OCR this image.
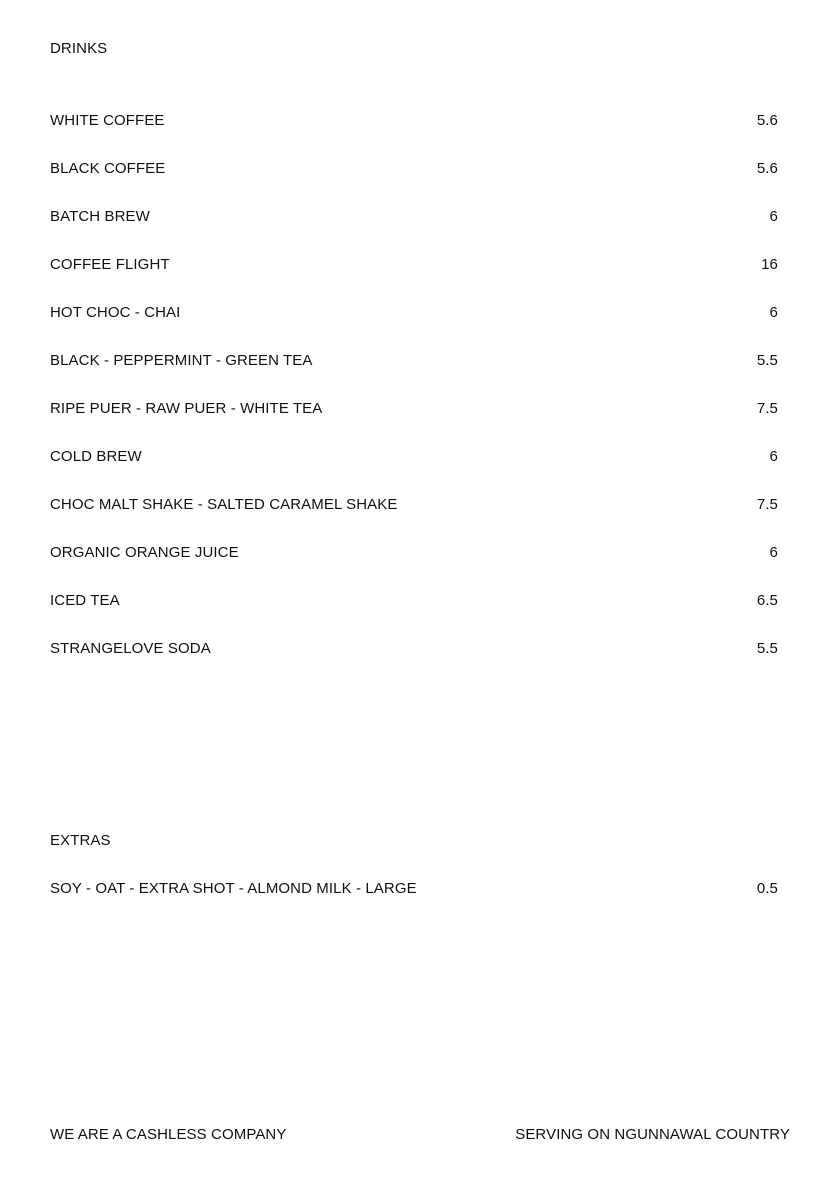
DRINKS
WHITE COFFEE	5.6
BLACK COFFEE	5.6
BATCH BREW	6
COFFEE FLIGHT	16
HOT CHOC - CHAI	6
BLACK - PEPPERMINT - GREEN TEA	5.5
RIPE PUER - RAW PUER - WHITE TEA	7.5
COLD BREW	6
CHOC MALT SHAKE - SALTED CARAMEL SHAKE	7.5
ORGANIC ORANGE JUICE	6
ICED TEA	6.5
STRANGELOVE SODA	5.5
EXTRAS
SOY - OAT - EXTRA SHOT - ALMOND MILK - LARGE	0.5
WE ARE A CASHLESS COMPANY	SERVING ON NGUNNAWAL COUNTRY
